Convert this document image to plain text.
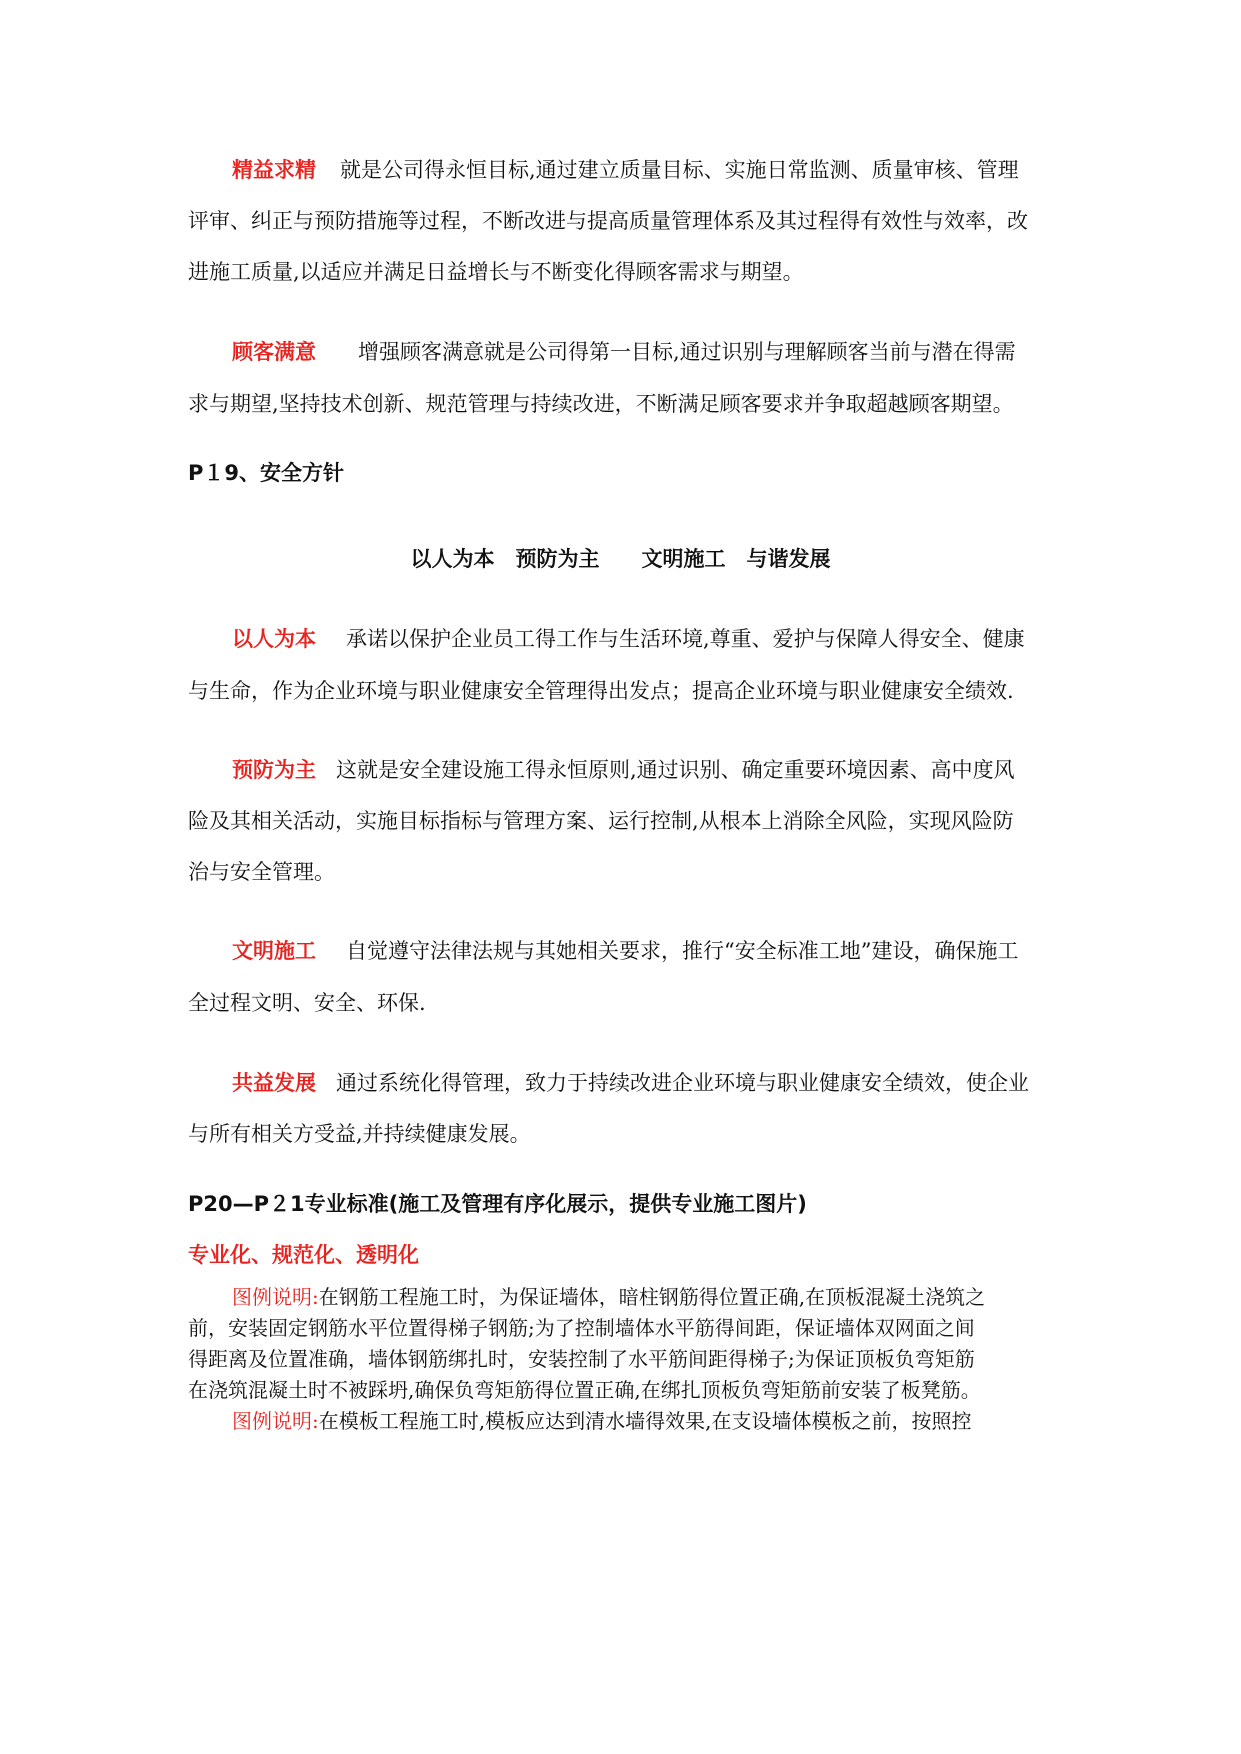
精益求精 就是公司得永恒目标,通过建立质量目标、实施日常监测、质量审核、管理
评审、纠正与预防措施等过程，不断改进与提高质量管理体系及其过程得有效性与效率，改
进施工质量,以适应并满足日益增长与不断变化得顾客需求与期望。
顾客满意 增强顾客满意就是公司得第一目标,通过识别与理解顾客当前与潜在得需
求与期望,坚持技术创新、规范管理与持续改进，不断满足顾客要求并争取超越顾客期望。
P１9、安全方针
以人为本　预防为主　　文明施工　与谐发展
以人为本 承诺以保护企业员工得工作与生活环境,尊重、爱护与保障人得安全、健康
与生命，作为企业环境与职业健康安全管理得出发点；提高企业环境与职业健康安全绩效.
预防为主 这就是安全建设施工得永恒原则,通过识别、确定重要环境因素、高中度风
险及其相关活动，实施目标指标与管理方案、运行控制,从根本上消除全风险，实现风险防
治与安全管理。
文明施工 自觉遵守法律法规与其她相关要求，推行“安全标准工地”建设，确保施工
全过程文明、安全、环保.
共益发展 通过系统化得管理，致力于持续改进企业环境与职业健康安全绩效，使企业
与所有相关方受益,并持续健康发展。
P20—P２1专业标准(施工及管理有序化展示，提供专业施工图片)
专业化、规范化、透明化
图例说明:在钢筋工程施工时，为保证墙体，暗柱钢筋得位置正确,在顶板混凝土浇筑之
前，安装固定钢筋水平位置得梯子钢筋;为了控制墙体水平筋得间距，保证墙体双网面之间
得距离及位置准确，墙体钢筋绑扎时，安装控制了水平筋间距得梯子;为保证顶板负弯矩筋
在浇筑混凝土时不被踩坍,确保负弯矩筋得位置正确,在绑扎顶板负弯矩筋前安装了板凳筋。
图例说明:在模板工程施工时,模板应达到清水墙得效果,在支设墙体模板之前，按照控
